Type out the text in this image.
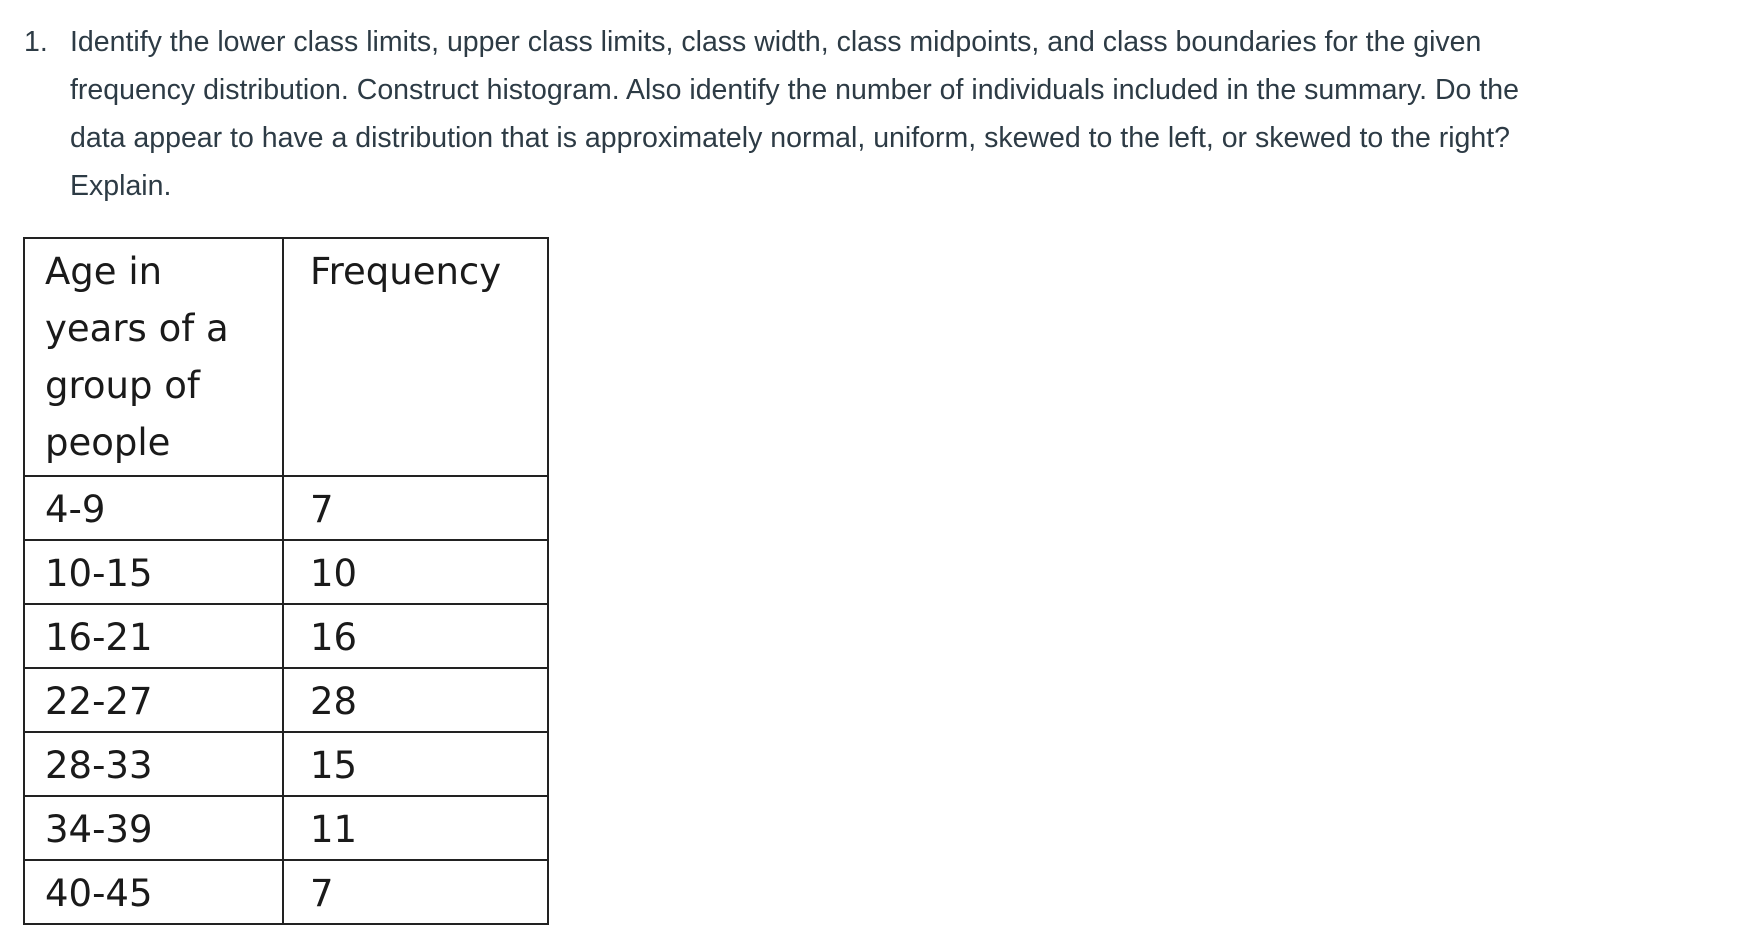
1. Identify the lower class limits, upper class limits, class width, class midpoints, and class boundaries for the given frequency distribution. Construct histogram. Also identify the number of individuals included in the summary. Do the data appear to have a distribution that is approximately normal, uniform, skewed to the left, or skewed to the right? Explain.
Age in years of a group of people	Frequency
4-9	7
10-15	10
16-21	16
22-27	28
28-33	15
34-39	11
40-45	7
